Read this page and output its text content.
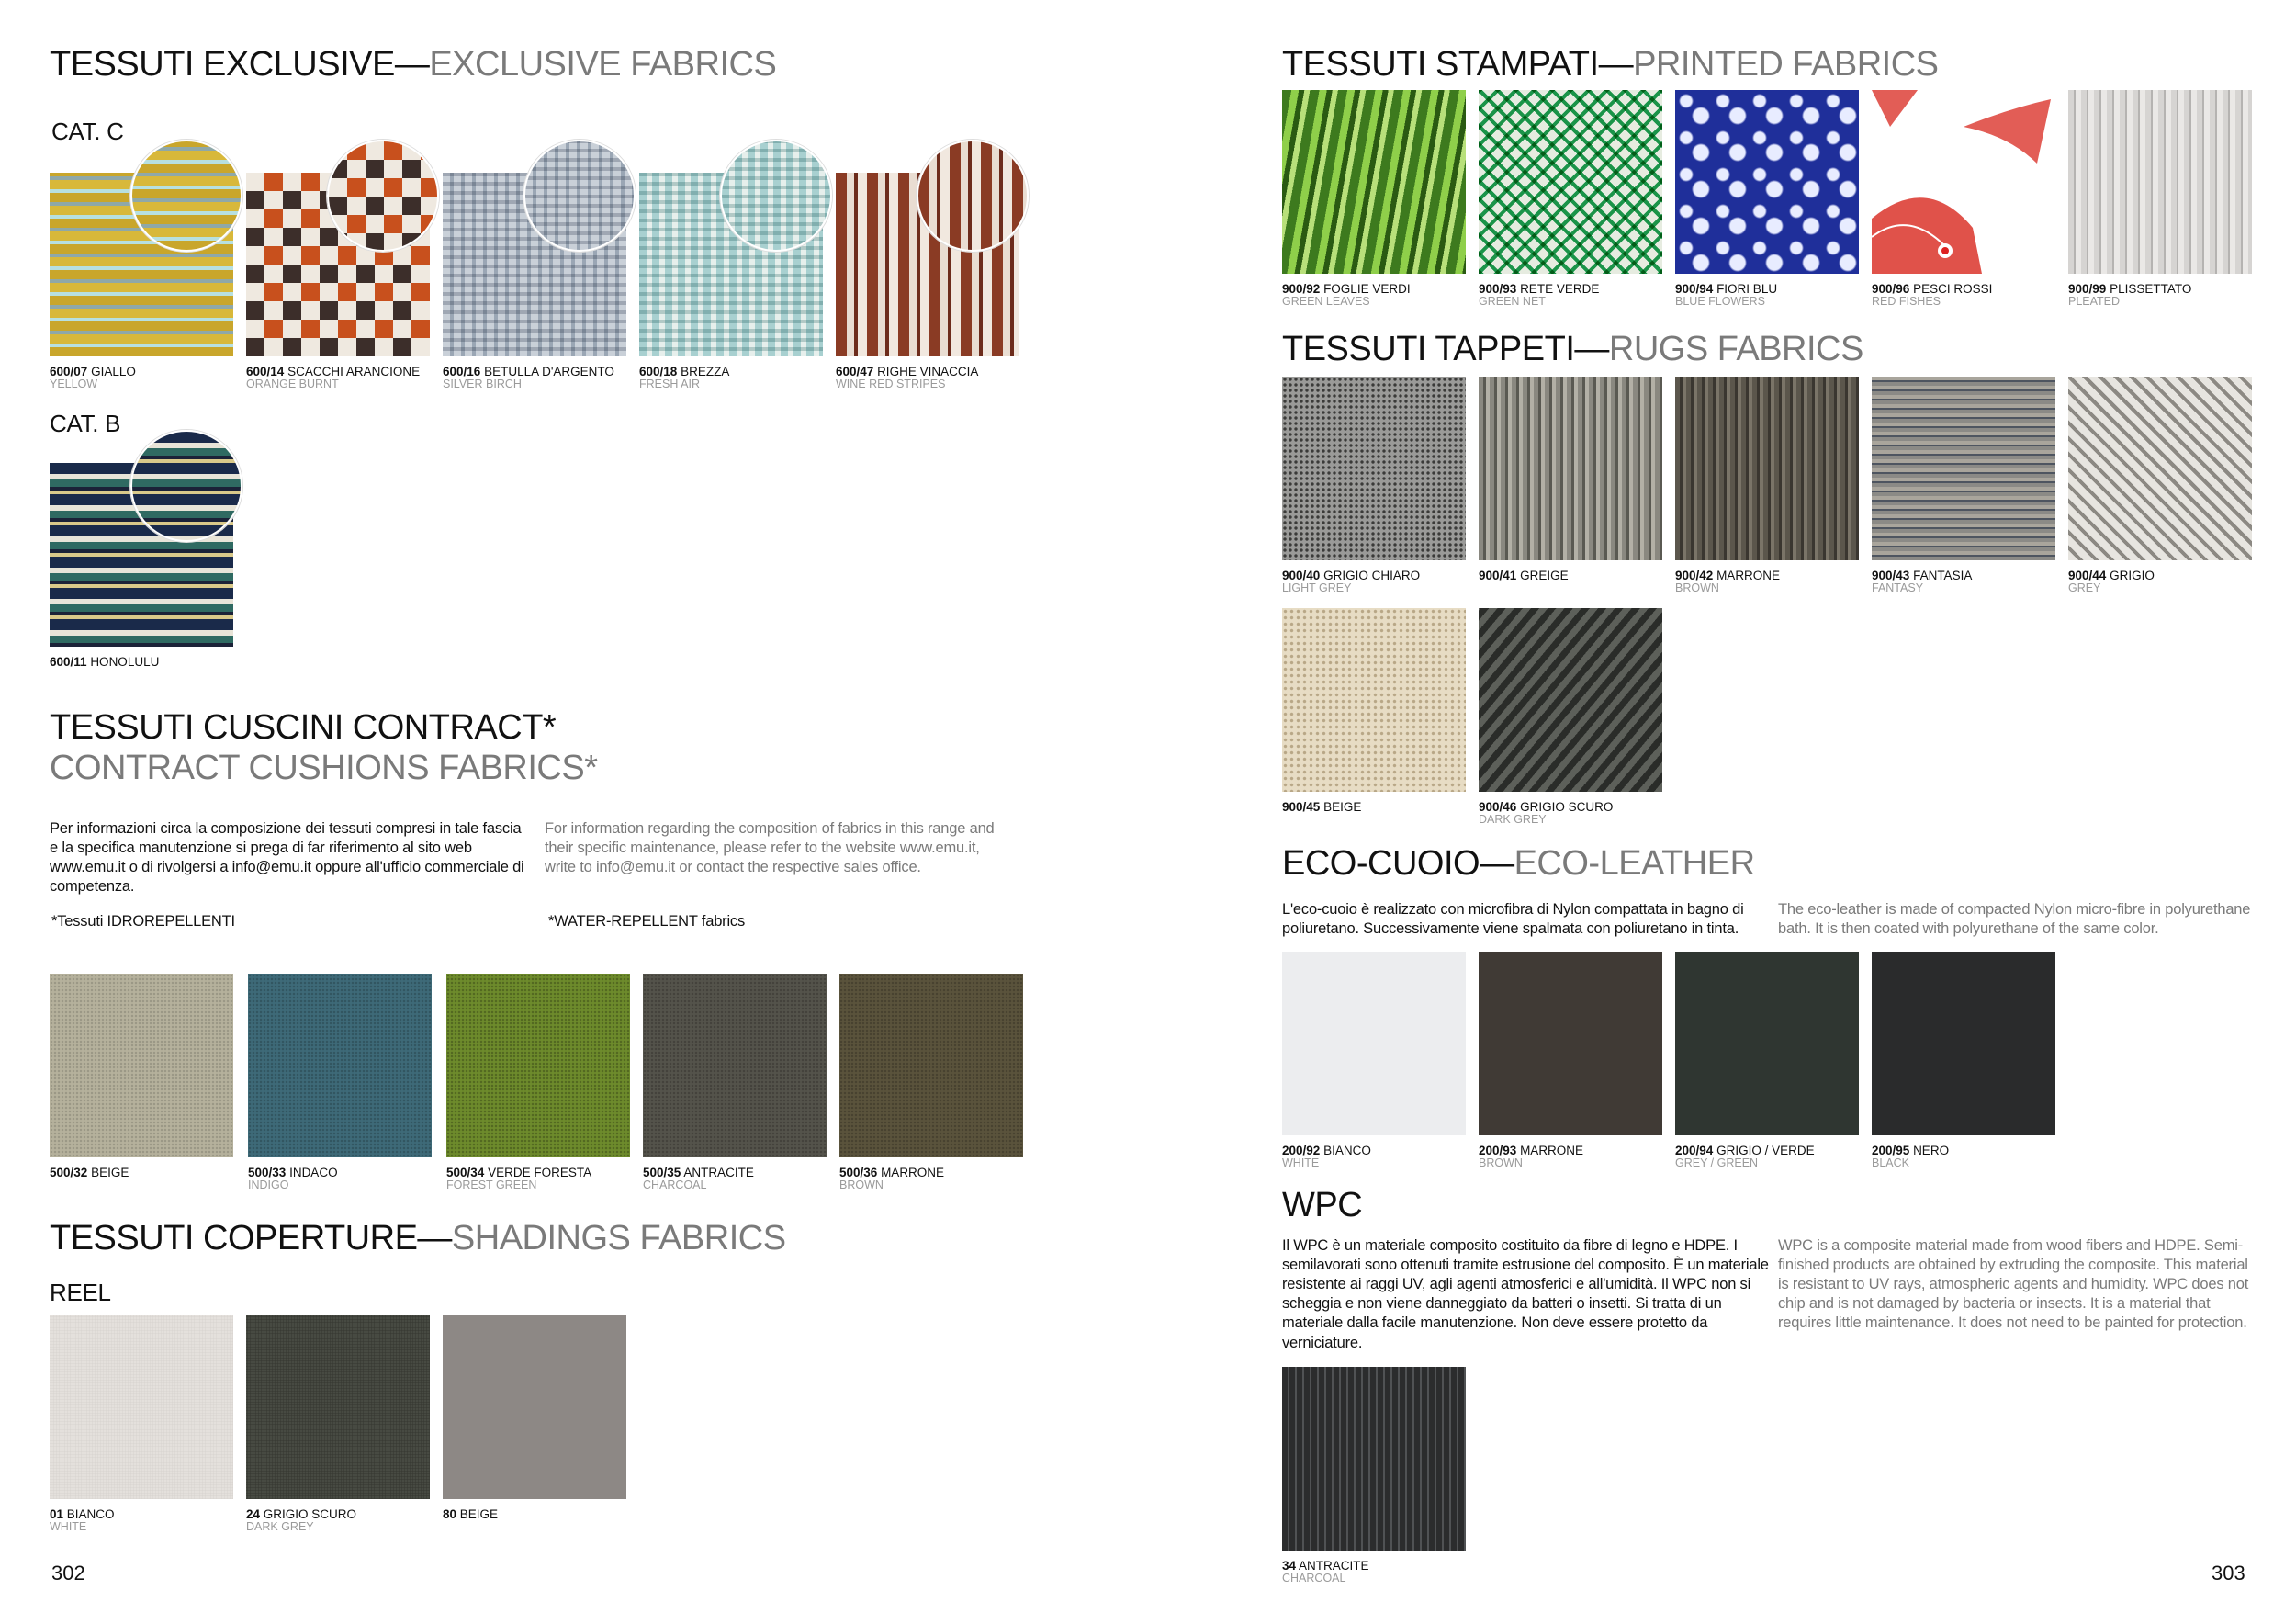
TESSUTI EXCLUSIVE—EXCLUSIVE FABRICS
CAT. C
600/07 GIALLO
YELLOW
600/14 SCACCHI ARANCIONE
ORANGE BURNT
600/16 BETULLA D'ARGENTO
SILVER BIRCH
600/18 BREZZA
FRESH AIR
600/47 RIGHE VINACCIA
WINE RED STRIPES
CAT. B
600/11 HONOLULU
TESSUTI CUSCINI CONTRACT*
CONTRACT CUSHIONS FABRICS*
Per informazioni circa la composizione dei tessuti compresi in tale fascia e la specifica manutenzione si prega di far riferimento al sito web www.emu.it o di rivolgersi a info@emu.it oppure all'ufficio commerciale di competenza.
For information regarding the composition of fabrics in this range and their specific maintenance, please refer to the website www.emu.it, write to info@emu.it or contact the respective sales office.
*Tessuti IDROREPELLENTI	*WATER-REPELLENT fabrics
500/32 BEIGE	500/33 INDACO
INDIGO
500/34 VERDE FORESTA
FOREST GREEN
500/35 ANTRACITE
CHARCOAL
500/36 MARRONE
BROWN
TESSUTI COPERTURE—SHADINGS FABRICS
REEL
01 BIANCO
WHITE
24 GRIGIO SCURO
DARK GREY
80 BEIGE
302
TESSUTI STAMPATI—PRINTED FABRICS
900/92 FOGLIE VERDI
GREEN LEAVES
900/93 RETE VERDE
GREEN NET
900/94 FIORI BLU
BLUE FLOWERS
900/96 PESCI ROSSI
RED FISHES
900/99 PLISSETTATO
PLEATED
TESSUTI TAPPETI—RUGS FABRICS
900/40 GRIGIO CHIARO
LIGHT GREY
900/41 GREIGE	900/42 MARRONE
BROWN
900/43 FANTASIA
FANTASY
900/44 GRIGIO
GREY
900/45 BEIGE	900/46 GRIGIO SCURO
DARK GREY
ECO-CUOIO—ECO-LEATHER
L'eco-cuoio è realizzato con microfibra di Nylon compattata in bagno di poliuretano. Successivamente viene spalmata con poliuretano in tinta.
The eco-leather is made of compacted Nylon micro-fibre in polyurethane bath. It is then coated with polyurethane of the same color.
200/92 BIANCO
WHITE
200/93 MARRONE
BROWN
200/94 GRIGIO / VERDE
GREY / GREEN
200/95 NERO
BLACK
WPC
Il WPC è un materiale composito costituito da fibre di legno e HDPE. I semilavorati sono ottenuti tramite estrusione del composito. È un materiale resistente ai raggi UV, agli agenti atmosferici e all'umidità. Il WPC non si scheggia e non viene danneggiato da batteri o insetti. Si tratta di un materiale dalla facile manutenzione. Non deve essere protetto da verniciature.
WPC is a composite material made from wood fibers and HDPE. Semi-finished products are obtained by extruding the composite. This material is resistant to UV rays, atmospheric agents and humidity. WPC does not chip and is not damaged by bacteria or insects. It is a material that requires little maintenance. It does not need to be painted for protection.
34 ANTRACITE
CHARCOAL	303
